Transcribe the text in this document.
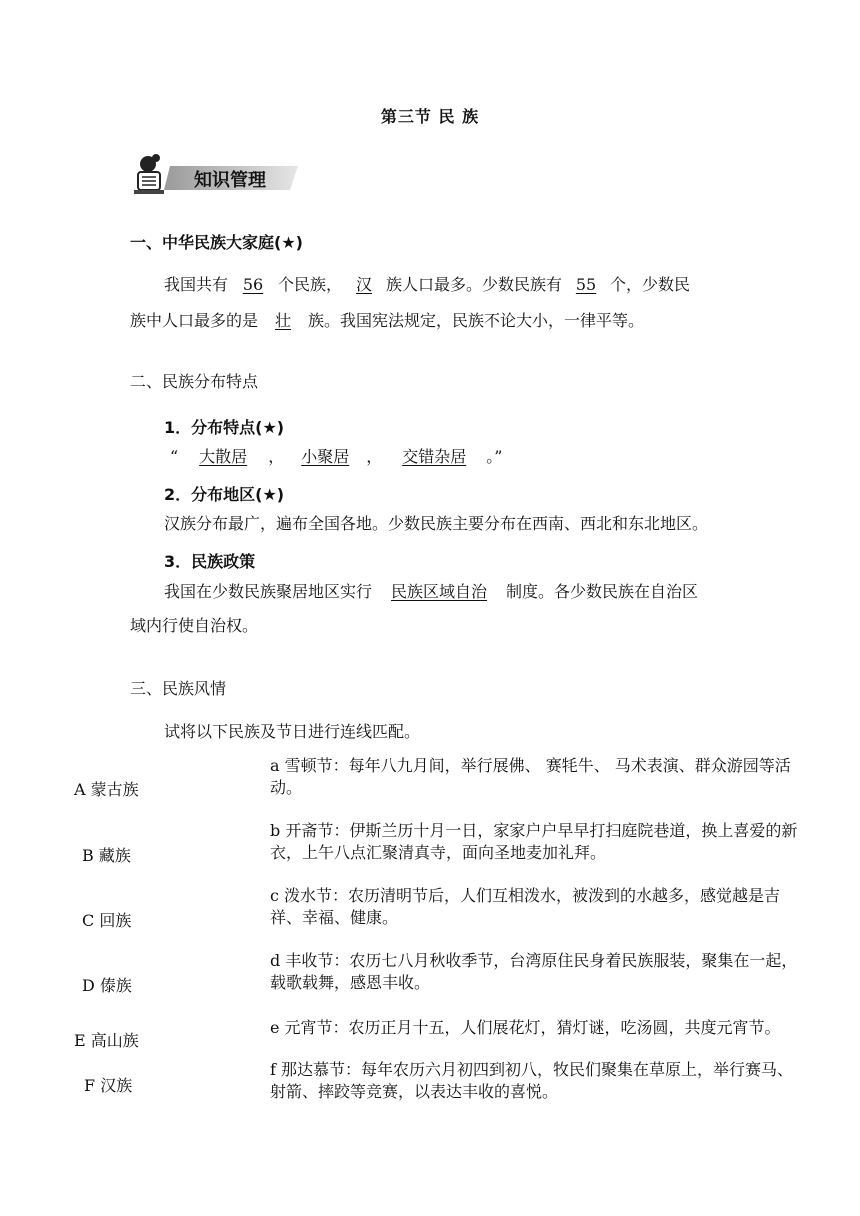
第三节 民 族
知识管理
一、中华民族大家庭(★)
我国共有 56 个民族， 汉 族人口最多。少数民族有 55 个，少数民
族中人口最多的是 壮 族。我国宪法规定，民族不论大小，一律平等。
二、民族分布特点
1．分布特点(★)
“ 大散居 ， 小聚居 ， 交错杂居 。”
2．分布地区(★)
汉族分布最广，遍布全国各地。少数民族主要分布在西南、西北和东北地区。
3．民族政策
我国在少数民族聚居地区实行 民族区域自治 制度。各少数民族在自治区
域内行使自治权。
三、民族风情
试将以下民族及节日进行连线匹配。
A 蒙古族
B 藏族
C 回族
D 傣族
E 高山族
F 汉族
a 雪顿节：每年八九月间，举行展佛、 赛牦牛、 马术表演、群众游园等活动。
b 开斋节：伊斯兰历十月一日，家家户户早早打扫庭院巷道，换上喜爱的新衣，上午八点汇聚清真寺，面向圣地麦加礼拜。
c 泼水节：农历清明节后，人们互相泼水，被泼到的水越多，感觉越是吉祥、幸福、健康。
d 丰收节：农历七八月秋收季节，台湾原住民身着民族服装，聚集在一起，载歌载舞，感恩丰收。
e 元宵节：农历正月十五，人们展花灯，猜灯谜，吃汤圆，共度元宵节。
f 那达慕节：每年农历六月初四到初八，牧民们聚集在草原上，举行赛马、射箭、摔跤等竞赛，以表达丰收的喜悦。
